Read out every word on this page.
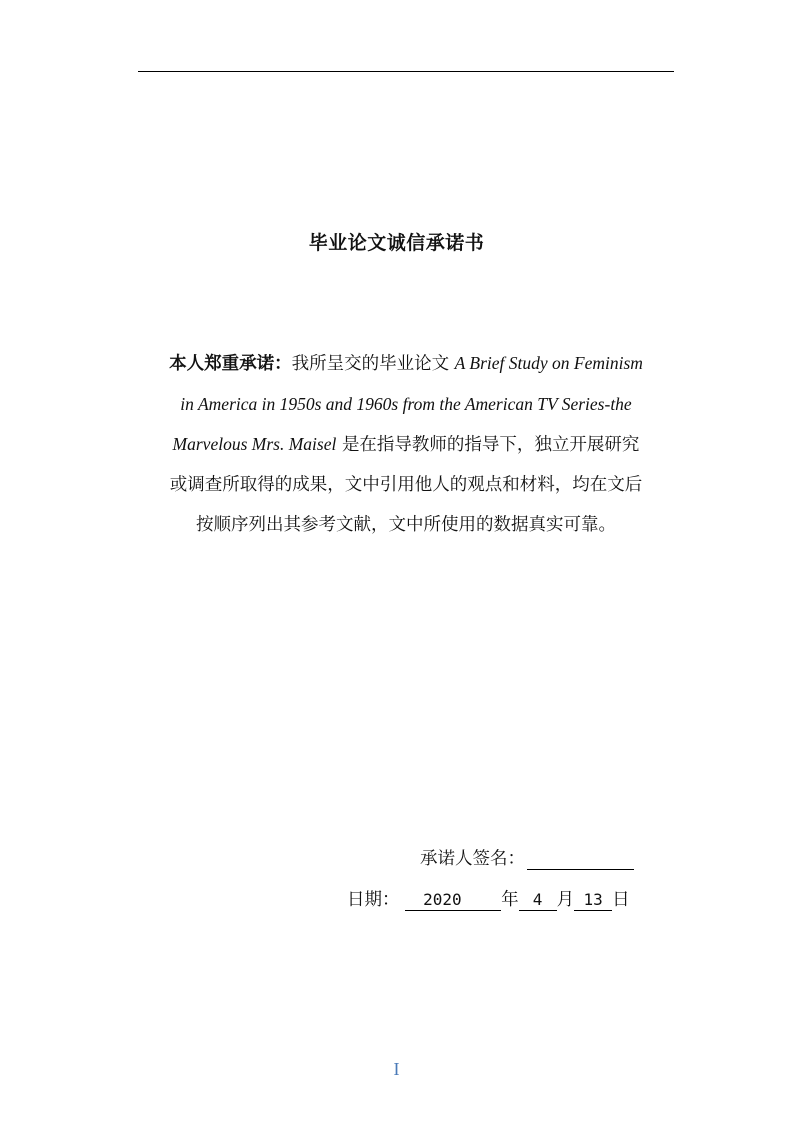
毕业论文诚信承诺书
本人郑重承诺：我所呈交的毕业论文 A Brief Study on Feminism
in America in 1950s and 1960s from the American TV Series-the
Marvelous Mrs. Maisel 是在指导教师的指导下，独立开展研究
或调查所取得的成果，文中引用他人的观点和材料，均在文后
按顺序列出其参考文献，文中所使用的数据真实可靠。
承诺人签名：
日期： 2020 年 4 月 13 日
I
